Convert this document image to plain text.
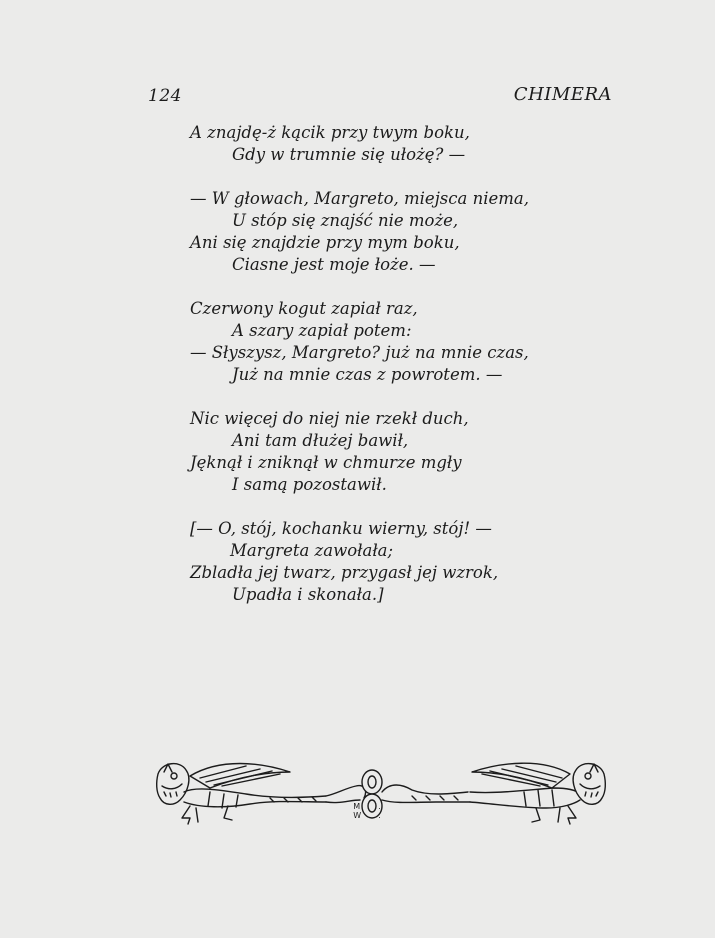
124	CHIMERA
A znajdę-ż kącik przy twym boku,
Gdy w trumnie się ułożę? —
— W głowach, Margreto, miejsca niema,
U stóp się znajść nie może,
Ani się znajdzie przy mym boku,
Ciasne jest moje łoże. —
Czerwony kogut zapiał raz,
A szary zapiał potem:
— Słyszysz, Margreto? już na mnie czas,
Już na mnie czas z powrotem. —
Nic więcej do niej nie rzekł duch,
Ani tam dłużej bawił,
Jęknął i zniknął w chmurze mgły
I samą pozostawił.
[— O, stój, kochanku wierny, stój! —
Margreta zawołała;
Zbladła jej twarz, przygasł jej wzrok,
Upadła i skonała.]
M. W.
